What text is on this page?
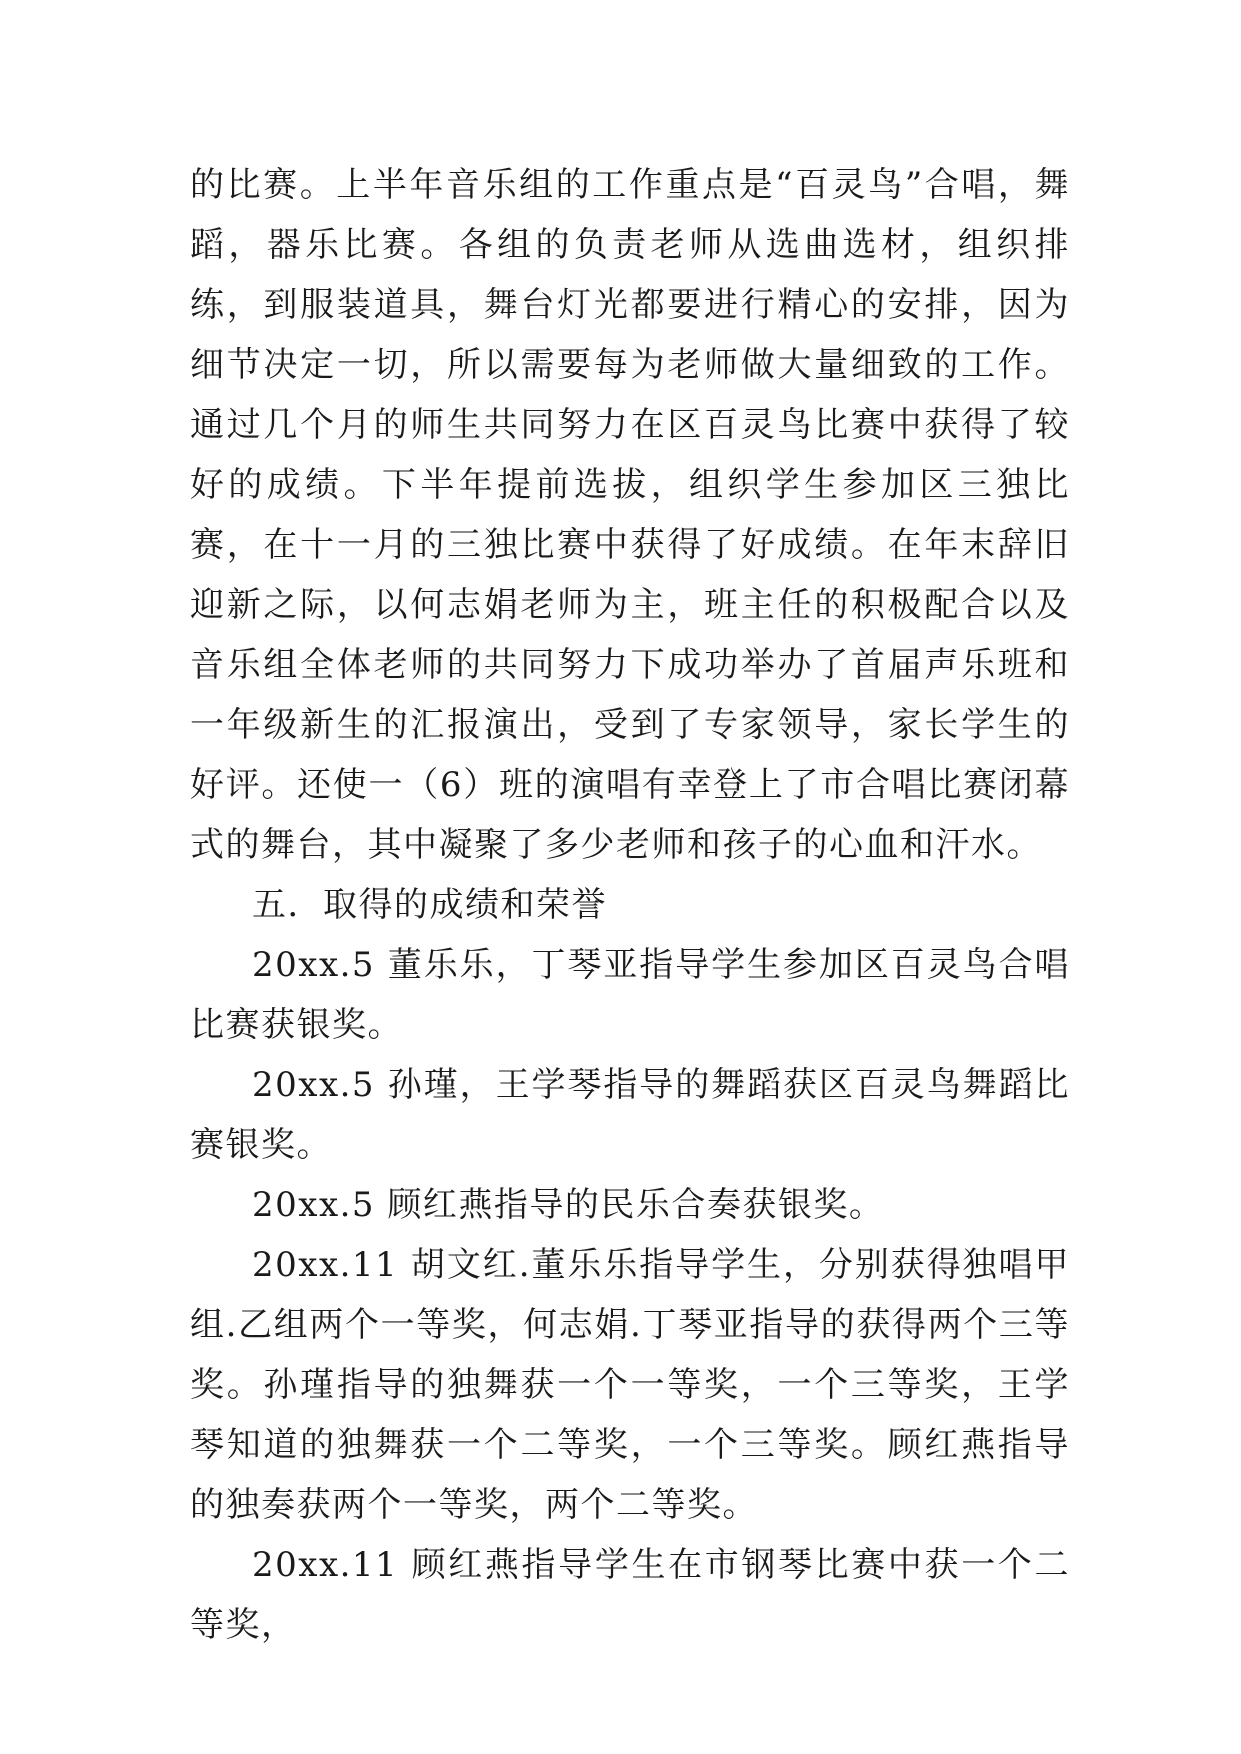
的比赛。上半年音乐组的工作重点是“百灵鸟”合唱，舞蹈，器乐比赛。各组的负责老师从选曲选材，组织排练，到服装道具，舞台灯光都要进行精心的安排，因为细节决定一切，所以需要每为老师做大量细致的工作。通过几个月的师生共同努力在区百灵鸟比赛中获得了较好的成绩。下半年提前选拔，组织学生参加区三独比赛，在十一月的三独比赛中获得了好成绩。在年末辞旧迎新之际，以何志娟老师为主，班主任的积极配合以及音乐组全体老师的共同努力下成功举办了首届声乐班和一年级新生的汇报演出，受到了专家领导，家长学生的好评。还使一（6）班的演唱有幸登上了市合唱比赛闭幕式的舞台，其中凝聚了多少老师和孩子的心血和汗水。

五．取得的成绩和荣誉

20xx.5 董乐乐，丁琴亚指导学生参加区百灵鸟合唱比赛获银奖。

20xx.5 孙瑾，王学琴指导的舞蹈获区百灵鸟舞蹈比赛银奖。

20xx.5 顾红燕指导的民乐合奏获银奖。

20xx.11 胡文红.董乐乐指导学生，分别获得独唱甲组.乙组两个一等奖，何志娟.丁琴亚指导的获得两个三等奖。孙瑾指导的独舞获一个一等奖，一个三等奖，王学琴知道的独舞获一个二等奖，一个三等奖。顾红燕指导的独奏获两个一等奖，两个二等奖。

20xx.11 顾红燕指导学生在市钢琴比赛中获一个二等奖，
